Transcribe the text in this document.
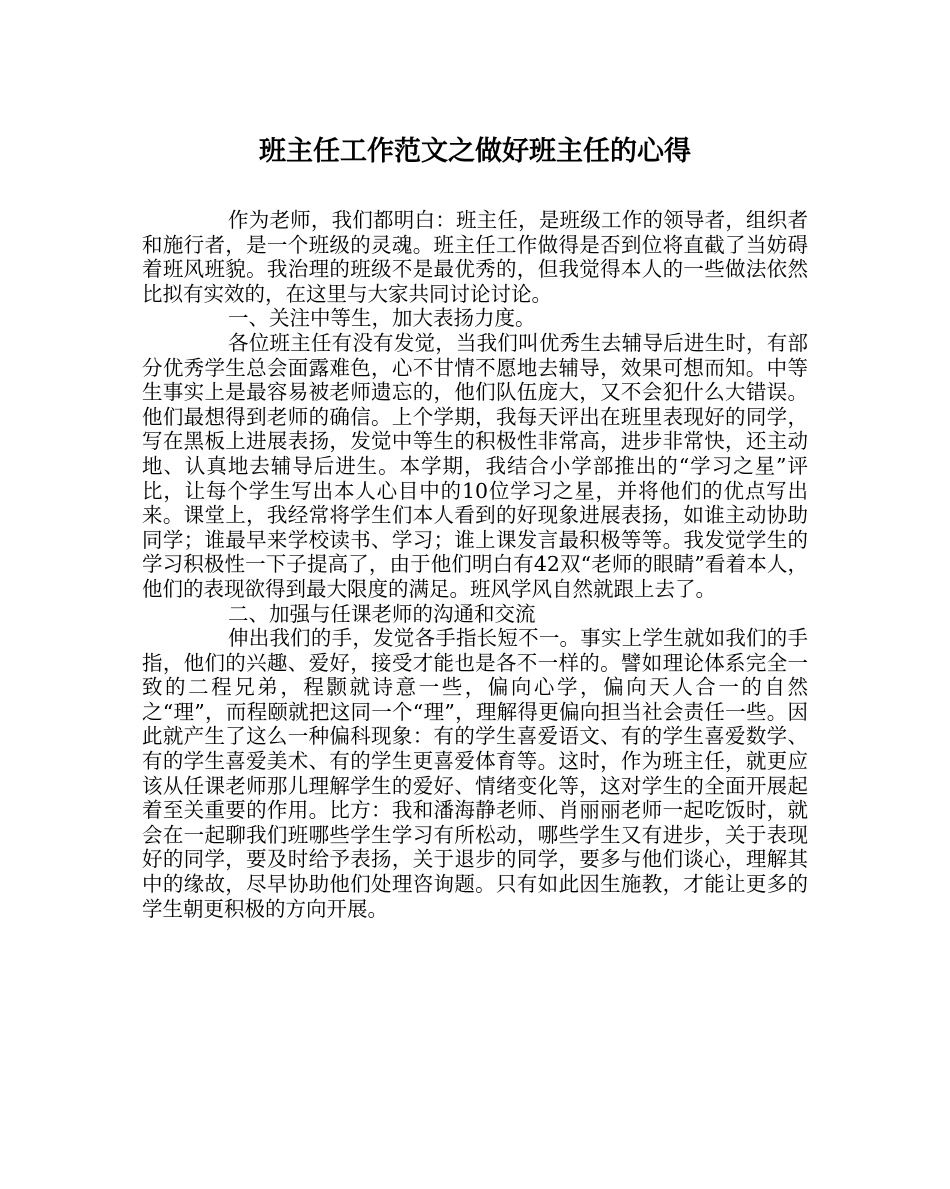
班主任工作范文之做好班主任的心得

作为老师，我们都明白：班主任，是班级工作的领导者，组织者和施行者，是一个班级的灵魂。班主任工作做得是否到位将直截了当妨碍着班风班貌。我治理的班级不是最优秀的，但我觉得本人的一些做法依然比拟有实效的，在这里与大家共同讨论讨论。

一、关注中等生，加大表扬力度。

各位班主任有没有发觉，当我们叫优秀生去辅导后进生时，有部分优秀学生总会面露难色，心不甘情不愿地去辅导，效果可想而知。中等生事实上是最容易被老师遗忘的，他们队伍庞大，又不会犯什么大错误。他们最想得到老师的确信。上个学期，我每天评出在班里表现好的同学，写在黑板上进展表扬，发觉中等生的积极性非常高，进步非常快，还主动地、认真地去辅导后进生。本学期，我结合小学部推出的“学习之星”评比，让每个学生写出本人心目中的10位学习之星，并将他们的优点写出来。课堂上，我经常将学生们本人看到的好现象进展表扬，如谁主动协助同学；谁最早来学校读书、学习；谁上课发言最积极等等。我发觉学生的学习积极性一下子提高了，由于他们明白有42双“老师的眼睛”看着本人，他们的表现欲得到最大限度的满足。班风学风自然就跟上去了。

二、加强与任课老师的沟通和交流

伸出我们的手，发觉各手指长短不一。事实上学生就如我们的手指，他们的兴趣、爱好，接受才能也是各不一样的。譬如理论体系完全一致的二程兄弟，程颢就诗意一些，偏向心学，偏向天人合一的自然之“理”，而程颐就把这同一个“理”，理解得更偏向担当社会责任一些。因此就产生了这么一种偏科现象：有的学生喜爱语文、有的学生喜爱数学、有的学生喜爱美术、有的学生更喜爱体育等。这时，作为班主任，就更应该从任课老师那儿理解学生的爱好、情绪变化等，这对学生的全面开展起着至关重要的作用。比方：我和潘海静老师、肖丽丽老师一起吃饭时，就会在一起聊我们班哪些学生学习有所松动，哪些学生又有进步，关于表现好的同学，要及时给予表扬，关于退步的同学，要多与他们谈心，理解其中的缘故，尽早协助他们处理咨询题。只有如此因生施教，才能让更多的学生朝更积极的方向开展。
